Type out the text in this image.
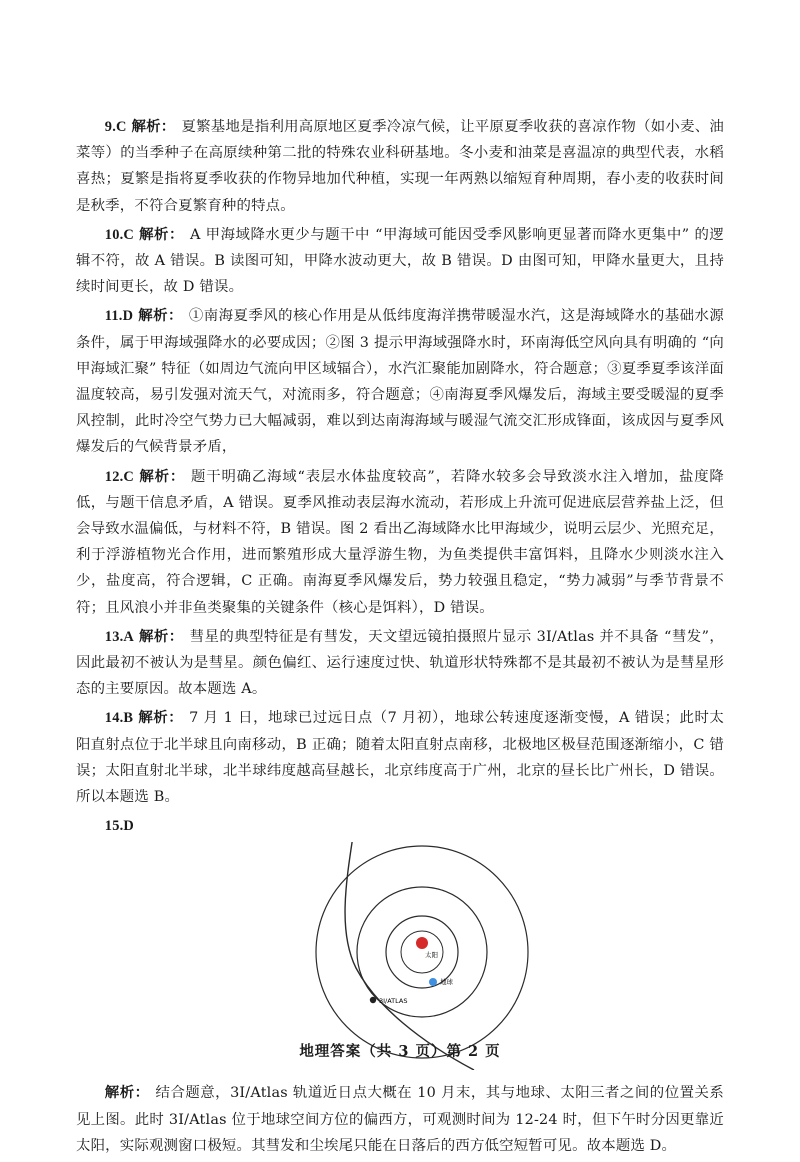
9.C 解析： 夏繁基地是指利用高原地区夏季冷凉气候，让平原夏季收获的喜凉作物（如小麦、油菜等）的当季种子在高原续种第二批的特殊农业科研基地。冬小麦和油菜是喜温凉的典型代表，水稻喜热；夏繁是指将夏季收获的作物异地加代种植，实现一年两熟以缩短育种周期，春小麦的收获时间是秋季，不符合夏繁育种的特点。

10.C 解析： A 甲海域降水更少与题干中 “甲海域可能因受季风影响更显著而降水更集中” 的逻辑不符，故 A 错误。B 读图可知，甲降水波动更大，故 B 错误。D 由图可知，甲降水量更大，且持续时间更长，故 D 错误。

11.D 解析： ①南海夏季风的核心作用是从低纬度海洋携带暖湿水汽，这是海域降水的基础水源条件，属于甲海域强降水的必要成因；②图 3 提示甲海域强降水时，环南海低空风向具有明确的 “向甲海域汇聚” 特征（如周边气流向甲区域辐合），水汽汇聚能加剧降水，符合题意；③夏季夏季该洋面温度较高，易引发强对流天气，对流雨多，符合题意；④南海夏季风爆发后，海域主要受暖湿的夏季风控制，此时冷空气势力已大幅减弱，难以到达南海海域与暖湿气流交汇形成锋面，该成因与夏季风爆发后的气候背景矛盾，

12.C 解析： 题干明确乙海域“表层水体盐度较高”，若降水较多会导致淡水注入增加，盐度降低，与题干信息矛盾，A 错误。夏季风推动表层海水流动，若形成上升流可促进底层营养盐上泛，但会导致水温偏低，与材料不符，B 错误。图 2 看出乙海域降水比甲海域少，说明云层少、光照充足，利于浮游植物光合作用，进而繁殖形成大量浮游生物，为鱼类提供丰富饵料，且降水少则淡水注入少，盐度高，符合逻辑，C 正确。南海夏季风爆发后，势力较强且稳定，“势力减弱”与季节背景不符；且风浪小并非鱼类聚集的关键条件（核心是饵料），D 错误。

13.A 解析： 彗星的典型特征是有彗发，天文望远镜拍摄照片显示 3I/Atlas 并不具备 “彗发”，因此最初不被认为是彗星。颜色偏红、运行速度过快、轨道形状特殊都不是其最初不被认为是彗星形态的主要原因。故本题选 A。

14.B 解析： 7 月 1 日，地球已过远日点（7 月初），地球公转速度逐渐变慢，A 错误；此时太阳直射点位于北半球且向南移动，B 正确；随着太阳直射点南移，北极地区极昼范围逐渐缩小，C 错误；太阳直射北半球，北半球纬度越高昼越长，北京纬度高于广州，北京的昼长比广州长，D 错误。所以本题选 B。

15.D

太阳
地球
3I/ATLAS

解析： 结合题意，3I/Atlas 轨道近日点大概在 10 月末，其与地球、太阳三者之间的位置关系见上图。此时 3I/Atlas 位于地球空间方位的偏西方，可观测时间为 12-24 时，但下午时分因更靠近太阳，实际观测窗口极短。其彗发和尘埃尾只能在日落后的西方低空短暂可见。故本题选 D。

地理答案（共 3 页）第 2 页
